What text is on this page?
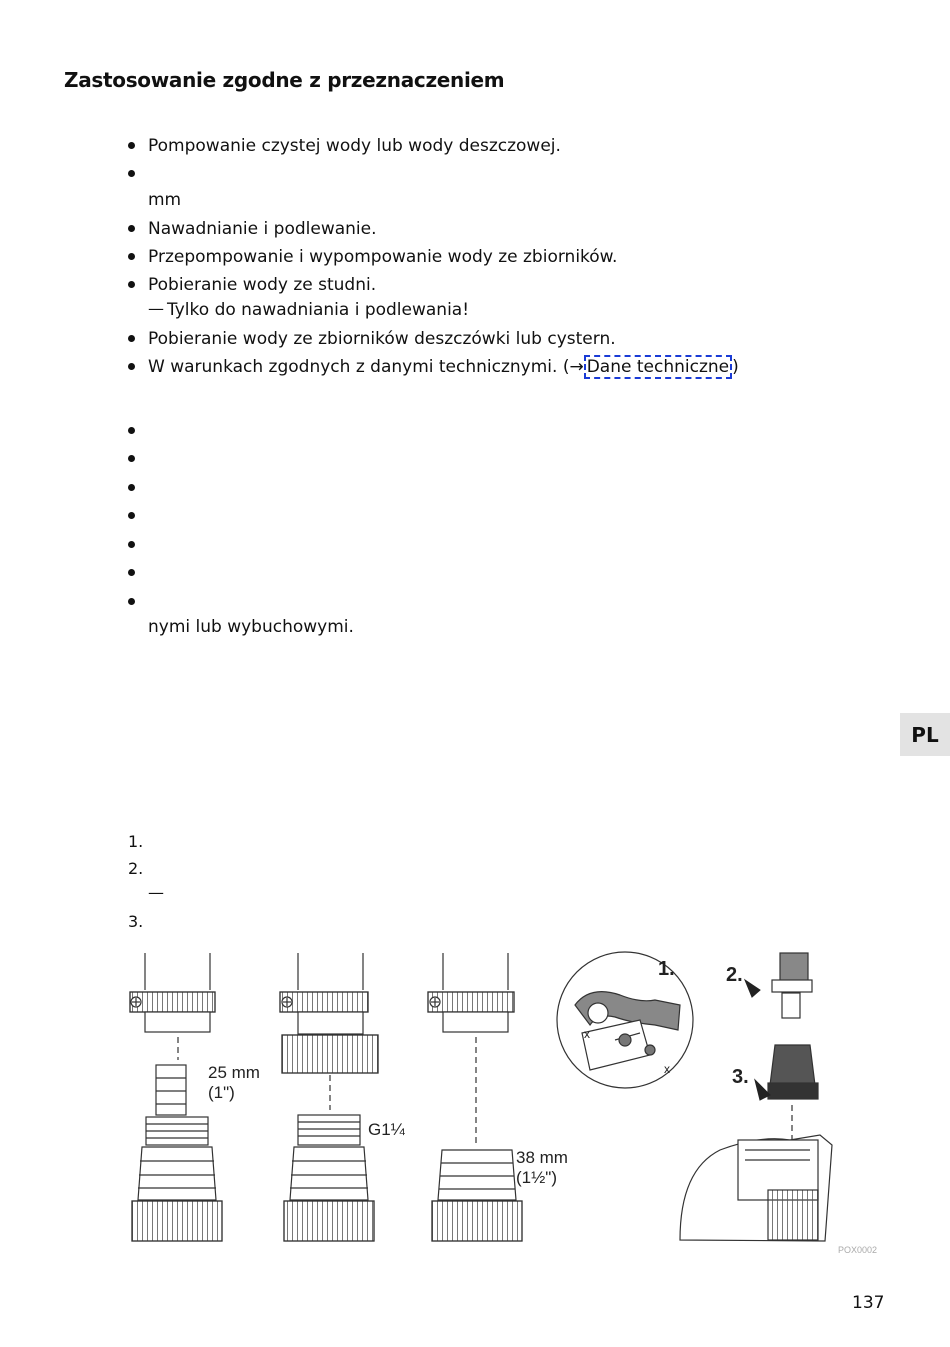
Zastosowanie zgodne z przeznaczeniem
Pompowanie czystej wody lub wody deszczowej.
mm
Nawadnianie i podlewanie.
Przepompowanie i wypompowanie wody ze zbiorników.
Pobieranie wody ze studni.
— Tylko do nawadniania i podlewania!
Pobieranie wody ze zbiorników deszczówki lub cystern.
W warunkach zgodnych z danymi technicznymi. (→ Dane techniczne )
nymi lub wybuchowymi.
PL
1.
2.
—
3.
25 mm
(1")
G1¼
38 mm
(1½")
1.	2.
3.
x
x
POX0002
137
